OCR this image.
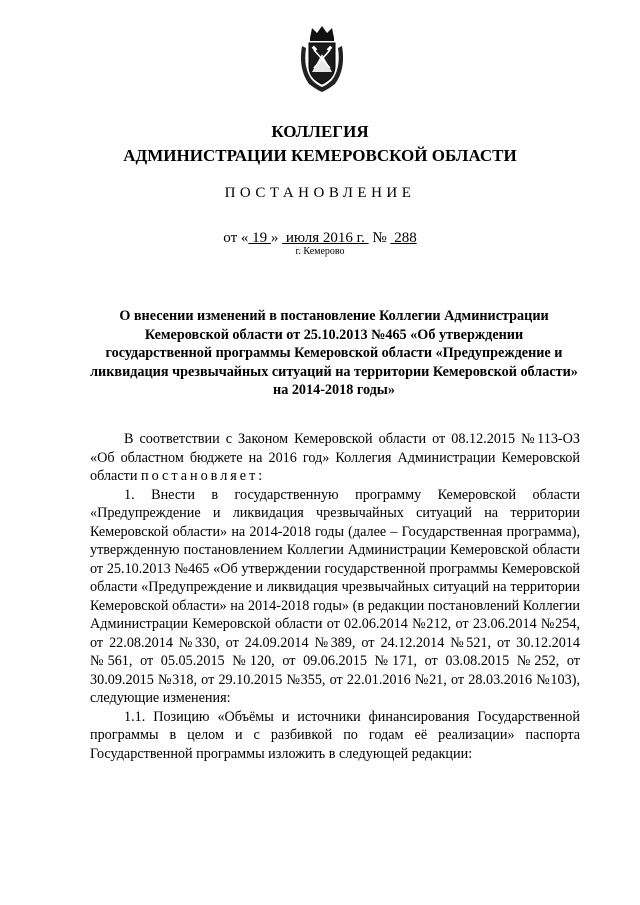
КОЛЛЕГИЯ
АДМИНИСТРАЦИИ КЕМЕРОВСКОЙ ОБЛАСТИ
ПОСТАНОВЛЕНИЕ
от « 19 »  июля 2016 г.  №  288
г. Кемерово
О внесении изменений в постановление Коллегии Администрации Кемеровской области от 25.10.2013 №465 «Об утверждении государственной программы Кемеровской области «Предупреждение и ликвидация чрезвычайных ситуаций на территории Кемеровской области» на 2014-2018 годы»

В соответствии с Законом Кемеровской области от 08.12.2015 №113-ОЗ «Об областном бюджете на 2016 год» Коллегия Администрации Кемеровской области постановляет:

1. Внести в государственную программу Кемеровской области «Предупреждение и ликвидация чрезвычайных ситуаций на территории Кемеровской области» на 2014-2018 годы (далее – Государственная программа), утвержденную постановлением Коллегии Администрации Кемеровской области от 25.10.2013 №465 «Об утверждении государственной программы Кемеровской области «Предупреждение и ликвидация чрезвычайных ситуаций на территории Кемеровской области» на 2014-2018 годы» (в редакции постановлений Коллегии Администрации Кемеровской области от 02.06.2014 №212, от 23.06.2014 №254, от 22.08.2014 №330, от 24.09.2014 №389, от 24.12.2014 №521, от 30.12.2014 №561, от 05.05.2015 №120, от 09.06.2015 №171, от 03.08.2015 №252, от 30.09.2015 №318, от 29.10.2015 №355, от 22.01.2016 №21, от 28.03.2016 №103), следующие изменения:

1.1. Позицию «Объёмы и источники финансирования Государственной программы в целом и с разбивкой по годам её реализации» паспорта Государственной программы изложить в следующей редакции:
